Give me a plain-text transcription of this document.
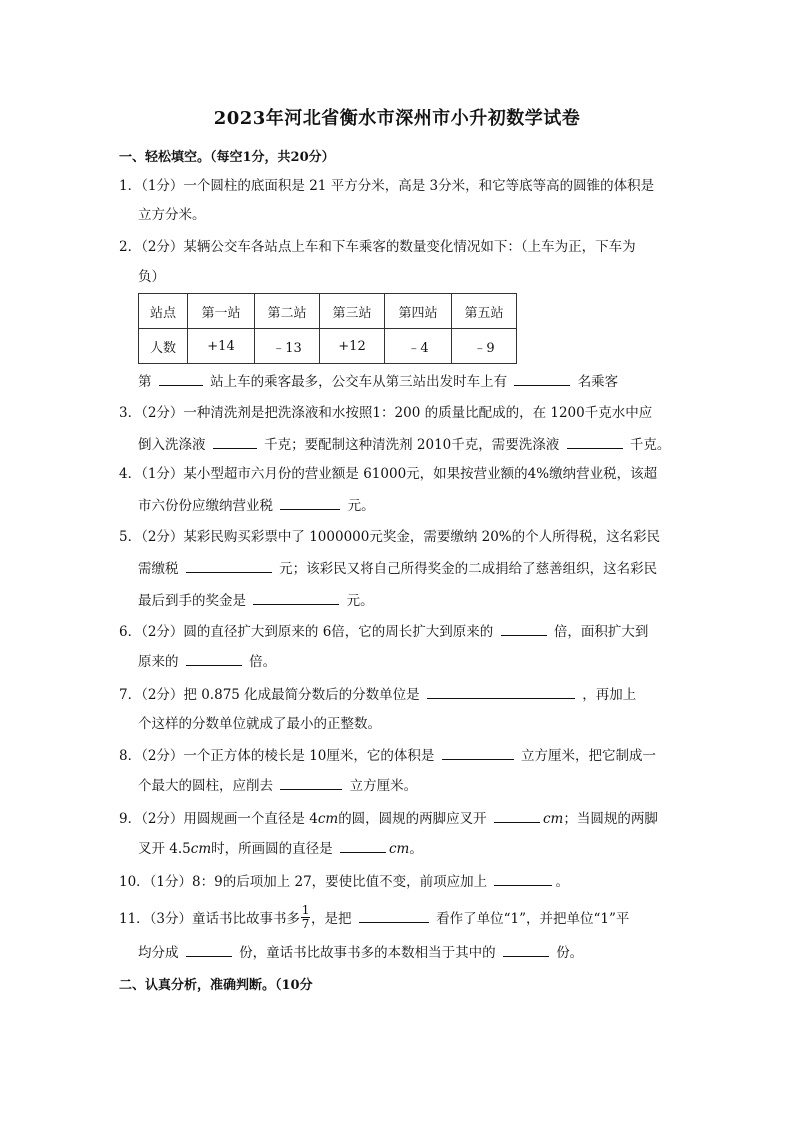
2023年河北省衡水市深州市小升初数学试卷
一、轻松填空。（每空1分，共20分）
1．（1分）一个圆柱的底面积是 21 平方分米，高是 3分米，和它等底等高的圆锥的体积是
立方分米。
2．（2分）某辆公交车各站点上车和下车乘客的数量变化情况如下：（上车为正，下车为
负）
站点	第一站	第二站	第三站	第四站	第五站
人数	+14	﹣13	+12	﹣4	﹣9
第	站上车的乘客最多，公交车从第三站出发时车上有	名乘客
3．（2分）一种清洗剂是把洗涤液和水按照1：200 的质量比配成的，在 1200千克水中应
倒入洗涤液	千克；要配制这种清洗剂 2010千克，需要洗涤液	千克。
4．（1分）某小型超市六月份的营业额是 61000元，如果按营业额的4%缴纳营业税，该超
市六份份应缴纳营业税	元。
5．（2分）某彩民购买彩票中了 1000000元奖金，需要缴纳 20%的个人所得税，这名彩民
需缴税	元；该彩民又将自己所得奖金的二成捐给了慈善组织，这名彩民
最后到手的奖金是	元。
6．（2分）圆的直径扩大到原来的 6倍，它的周长扩大到原来的	倍，面积扩大到
原来的	倍。
7．（2分）把 0.875 化成最简分数后的分数单位是	，再加上
个这样的分数单位就成了最小的正整数。
8．（2分）一个正方体的棱长是 10厘米，它的体积是	立方厘米，把它制成一
个最大的圆柱，应削去	立方厘米。
9．（2分）用圆规画一个直径是 4cm的圆，圆规的两脚应叉开	cm；当圆规的两脚
叉开 4.5cm时，所画圆的直径是	cm。
10．（1分）8：9的后项加上 27，要使比值不变，前项应加上	。
11．（3分）童话书比故事书多 $\frac{1}{7}$ ，是把	看作了单位“1”，并把单位“1”平
均分成	份，童话书比故事书多的本数相当于其中的	份。
二、认真分析，准确判断。（10分
